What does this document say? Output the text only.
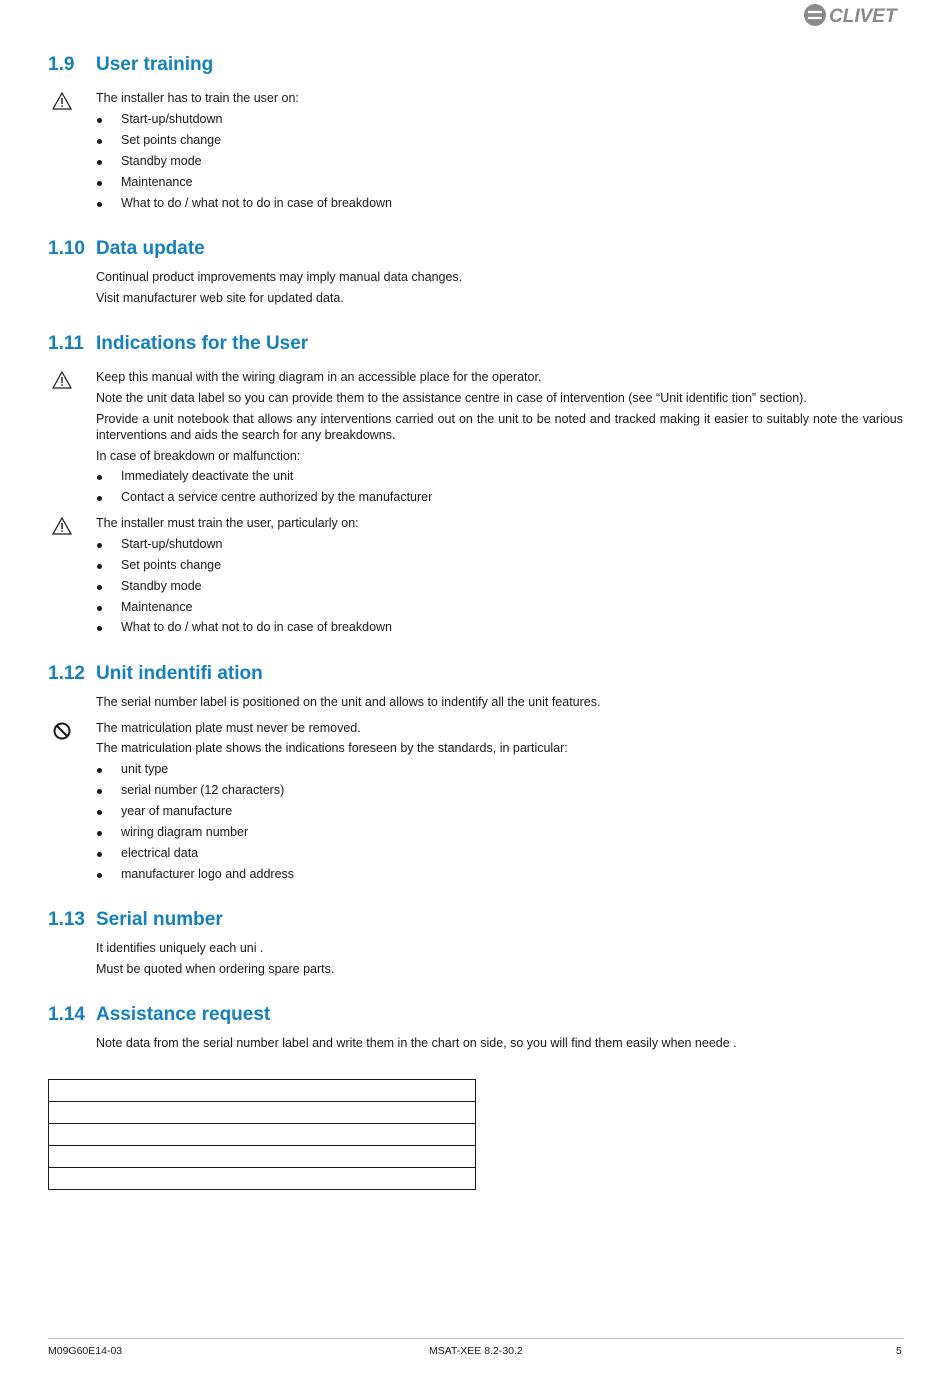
CLIVET
1.9 User training

The installer has to train the user on:

Start-up/shutdown
Set points change
Standby mode
Maintenance
What to do / what not to do in case of breakdown
1.10 Data update

Continual product improvements may imply manual data changes.

Visit manufacturer web site for updated data.

1.11 Indications for the User

Keep this manual with the wiring diagram in an accessible place for the operator.

Note the unit data label so you can provide them to the assistance centre in case of intervention (see “Unit identific tion” section).

Provide a unit notebook that allows any interventions carried out on the unit to be noted and tracked making it easier to suitably note the various interventions and aids the search for any breakdowns.

In case of breakdown or malfunction:

Immediately deactivate the unit
Contact a service centre authorized by the manufacturer

The installer must train the user, particularly on:

Start-up/shutdown
Set points change
Standby mode
Maintenance
What to do / what not to do in case of breakdown
1.12 Unit indentifi ation

The serial number label is positioned on the unit and allows to indentify all the unit features.

The matriculation plate must never be removed.

The matriculation plate shows the indications foreseen by the standards, in particular:

unit type
serial number (12 characters)
year of manufacture
wiring diagram number
electrical data
manufacturer logo and address
1.13 Serial number

It identifies uniquely each uni .

Must be quoted when ordering spare parts.

1.14 Assistance request

Note data from the serial number label and write them in the chart on side, so you will find them easily when neede .

M09G60E14-03	MSAT-XEE 8.2-30.2	5
